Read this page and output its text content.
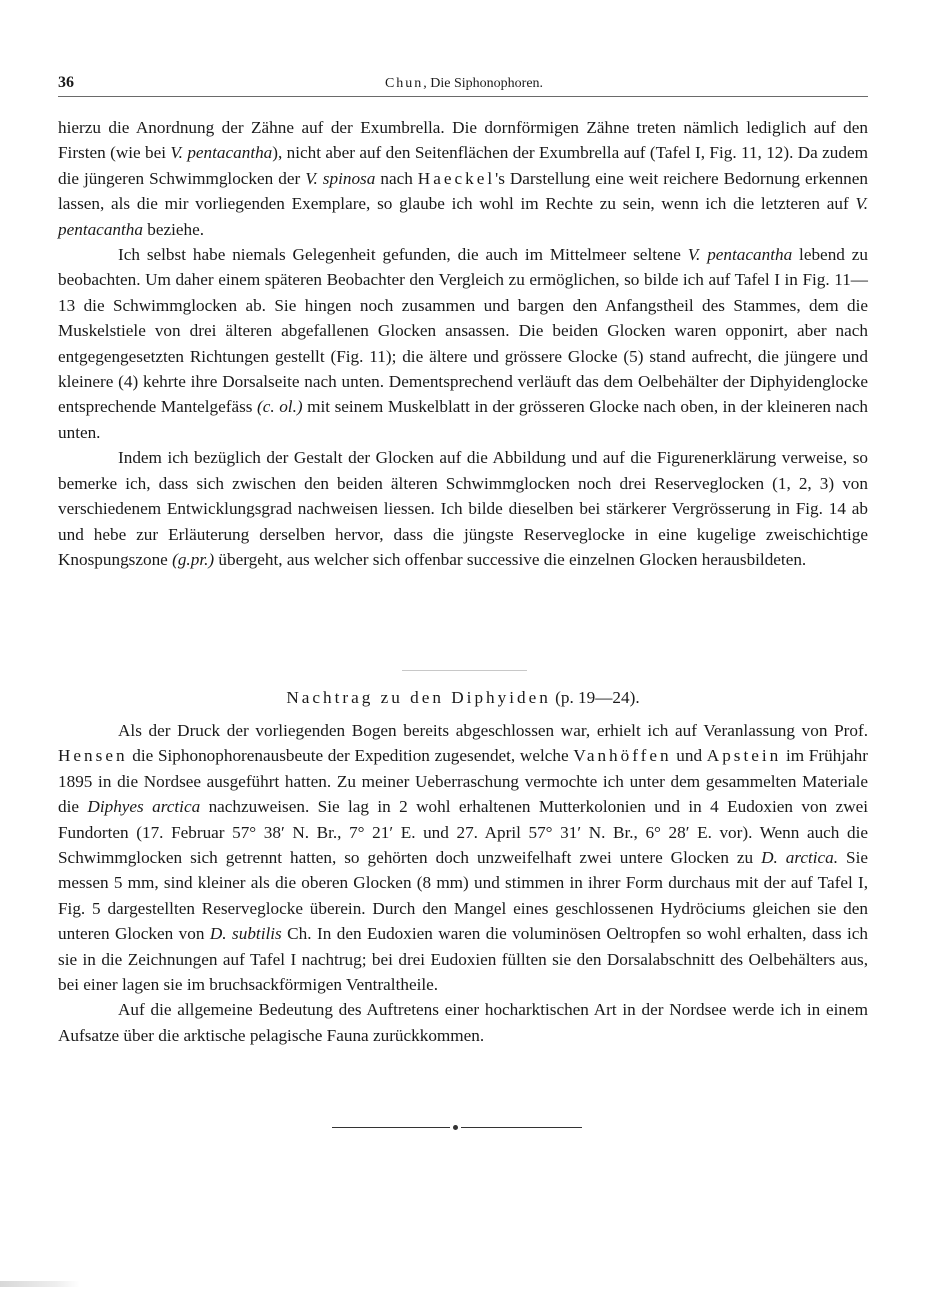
36	Chun, Die Siphonophoren.

hierzu die Anordnung der Zähne auf der Exumbrella. Die dornförmigen Zähne treten nämlich lediglich auf den Firsten (wie bei V. pentacantha), nicht aber auf den Seitenflächen der Exumbrella auf (Tafel I, Fig. 11, 12). Da zudem die jüngeren Schwimmglocken der V. spinosa nach Haeckel's Darstellung eine weit reichere Bedornung erkennen lassen, als die mir vorliegenden Exemplare, so glaube ich wohl im Rechte zu sein, wenn ich die letzteren auf V. pentacantha beziehe.

Ich selbst habe niemals Gelegenheit gefunden, die auch im Mittelmeer seltene V. pentacantha lebend zu beobachten. Um daher einem späteren Beobachter den Vergleich zu ermöglichen, so bilde ich auf Tafel I in Fig. 11—13 die Schwimmglocken ab. Sie hingen noch zusammen und bargen den Anfangstheil des Stammes, dem die Muskelstiele von drei älteren abgefallenen Glocken ansassen. Die beiden Glocken waren opponirt, aber nach entgegengesetzten Richtungen gestellt (Fig. 11); die ältere und grössere Glocke (5) stand aufrecht, die jüngere und kleinere (4) kehrte ihre Dorsalseite nach unten. Dementsprechend verläuft das dem Oelbehälter der Diphyidenglocke entsprechende Mantelgefäss (c. ol.) mit seinem Muskelblatt in der grösseren Glocke nach oben, in der kleineren nach unten.

Indem ich bezüglich der Gestalt der Glocken auf die Abbildung und auf die Figurenerklärung verweise, so bemerke ich, dass sich zwischen den beiden älteren Schwimmglocken noch drei Reserveglocken (1, 2, 3) von verschiedenem Entwicklungsgrad nachweisen liessen. Ich bilde dieselben bei stärkerer Vergrösserung in Fig. 14 ab und hebe zur Erläuterung derselben hervor, dass die jüngste Reserveglocke in eine kugelige zweischichtige Knospungszone (g.pr.) übergeht, aus welcher sich offenbar successive die einzelnen Glocken herausbildeten.

Nachtrag zu den Diphyiden (p. 19—24).

Als der Druck der vorliegenden Bogen bereits abgeschlossen war, erhielt ich auf Veranlassung von Prof. Hensen die Siphonophorenausbeute der Expedition zugesendet, welche Vanhöffen und Apstein im Frühjahr 1895 in die Nordsee ausgeführt hatten. Zu meiner Ueberraschung vermochte ich unter dem gesammelten Materiale die Diphyes arctica nachzuweisen. Sie lag in 2 wohl erhaltenen Mutterkolonien und in 4 Eudoxien von zwei Fundorten (17. Februar 57° 38′ N. Br., 7° 21′ E. und 27. April 57° 31′ N. Br., 6° 28′ E. vor). Wenn auch die Schwimmglocken sich getrennt hatten, so gehörten doch unzweifelhaft zwei untere Glocken zu D. arctica. Sie messen 5 mm, sind kleiner als die oberen Glocken (8 mm) und stimmen in ihrer Form durchaus mit der auf Tafel I, Fig. 5 dargestellten Reserveglocke überein. Durch den Mangel eines geschlossenen Hydröciums gleichen sie den unteren Glocken von D. subtilis Ch. In den Eudoxien waren die voluminösen Oeltropfen so wohl erhalten, dass ich sie in die Zeichnungen auf Tafel I nachtrug; bei drei Eudoxien füllten sie den Dorsalabschnitt des Oelbehälters aus, bei einer lagen sie im bruchsackförmigen Ventraltheile.

Auf die allgemeine Bedeutung des Auftretens einer hocharktischen Art in der Nordsee werde ich in einem Aufsatze über die arktische pelagische Fauna zurückkommen.
